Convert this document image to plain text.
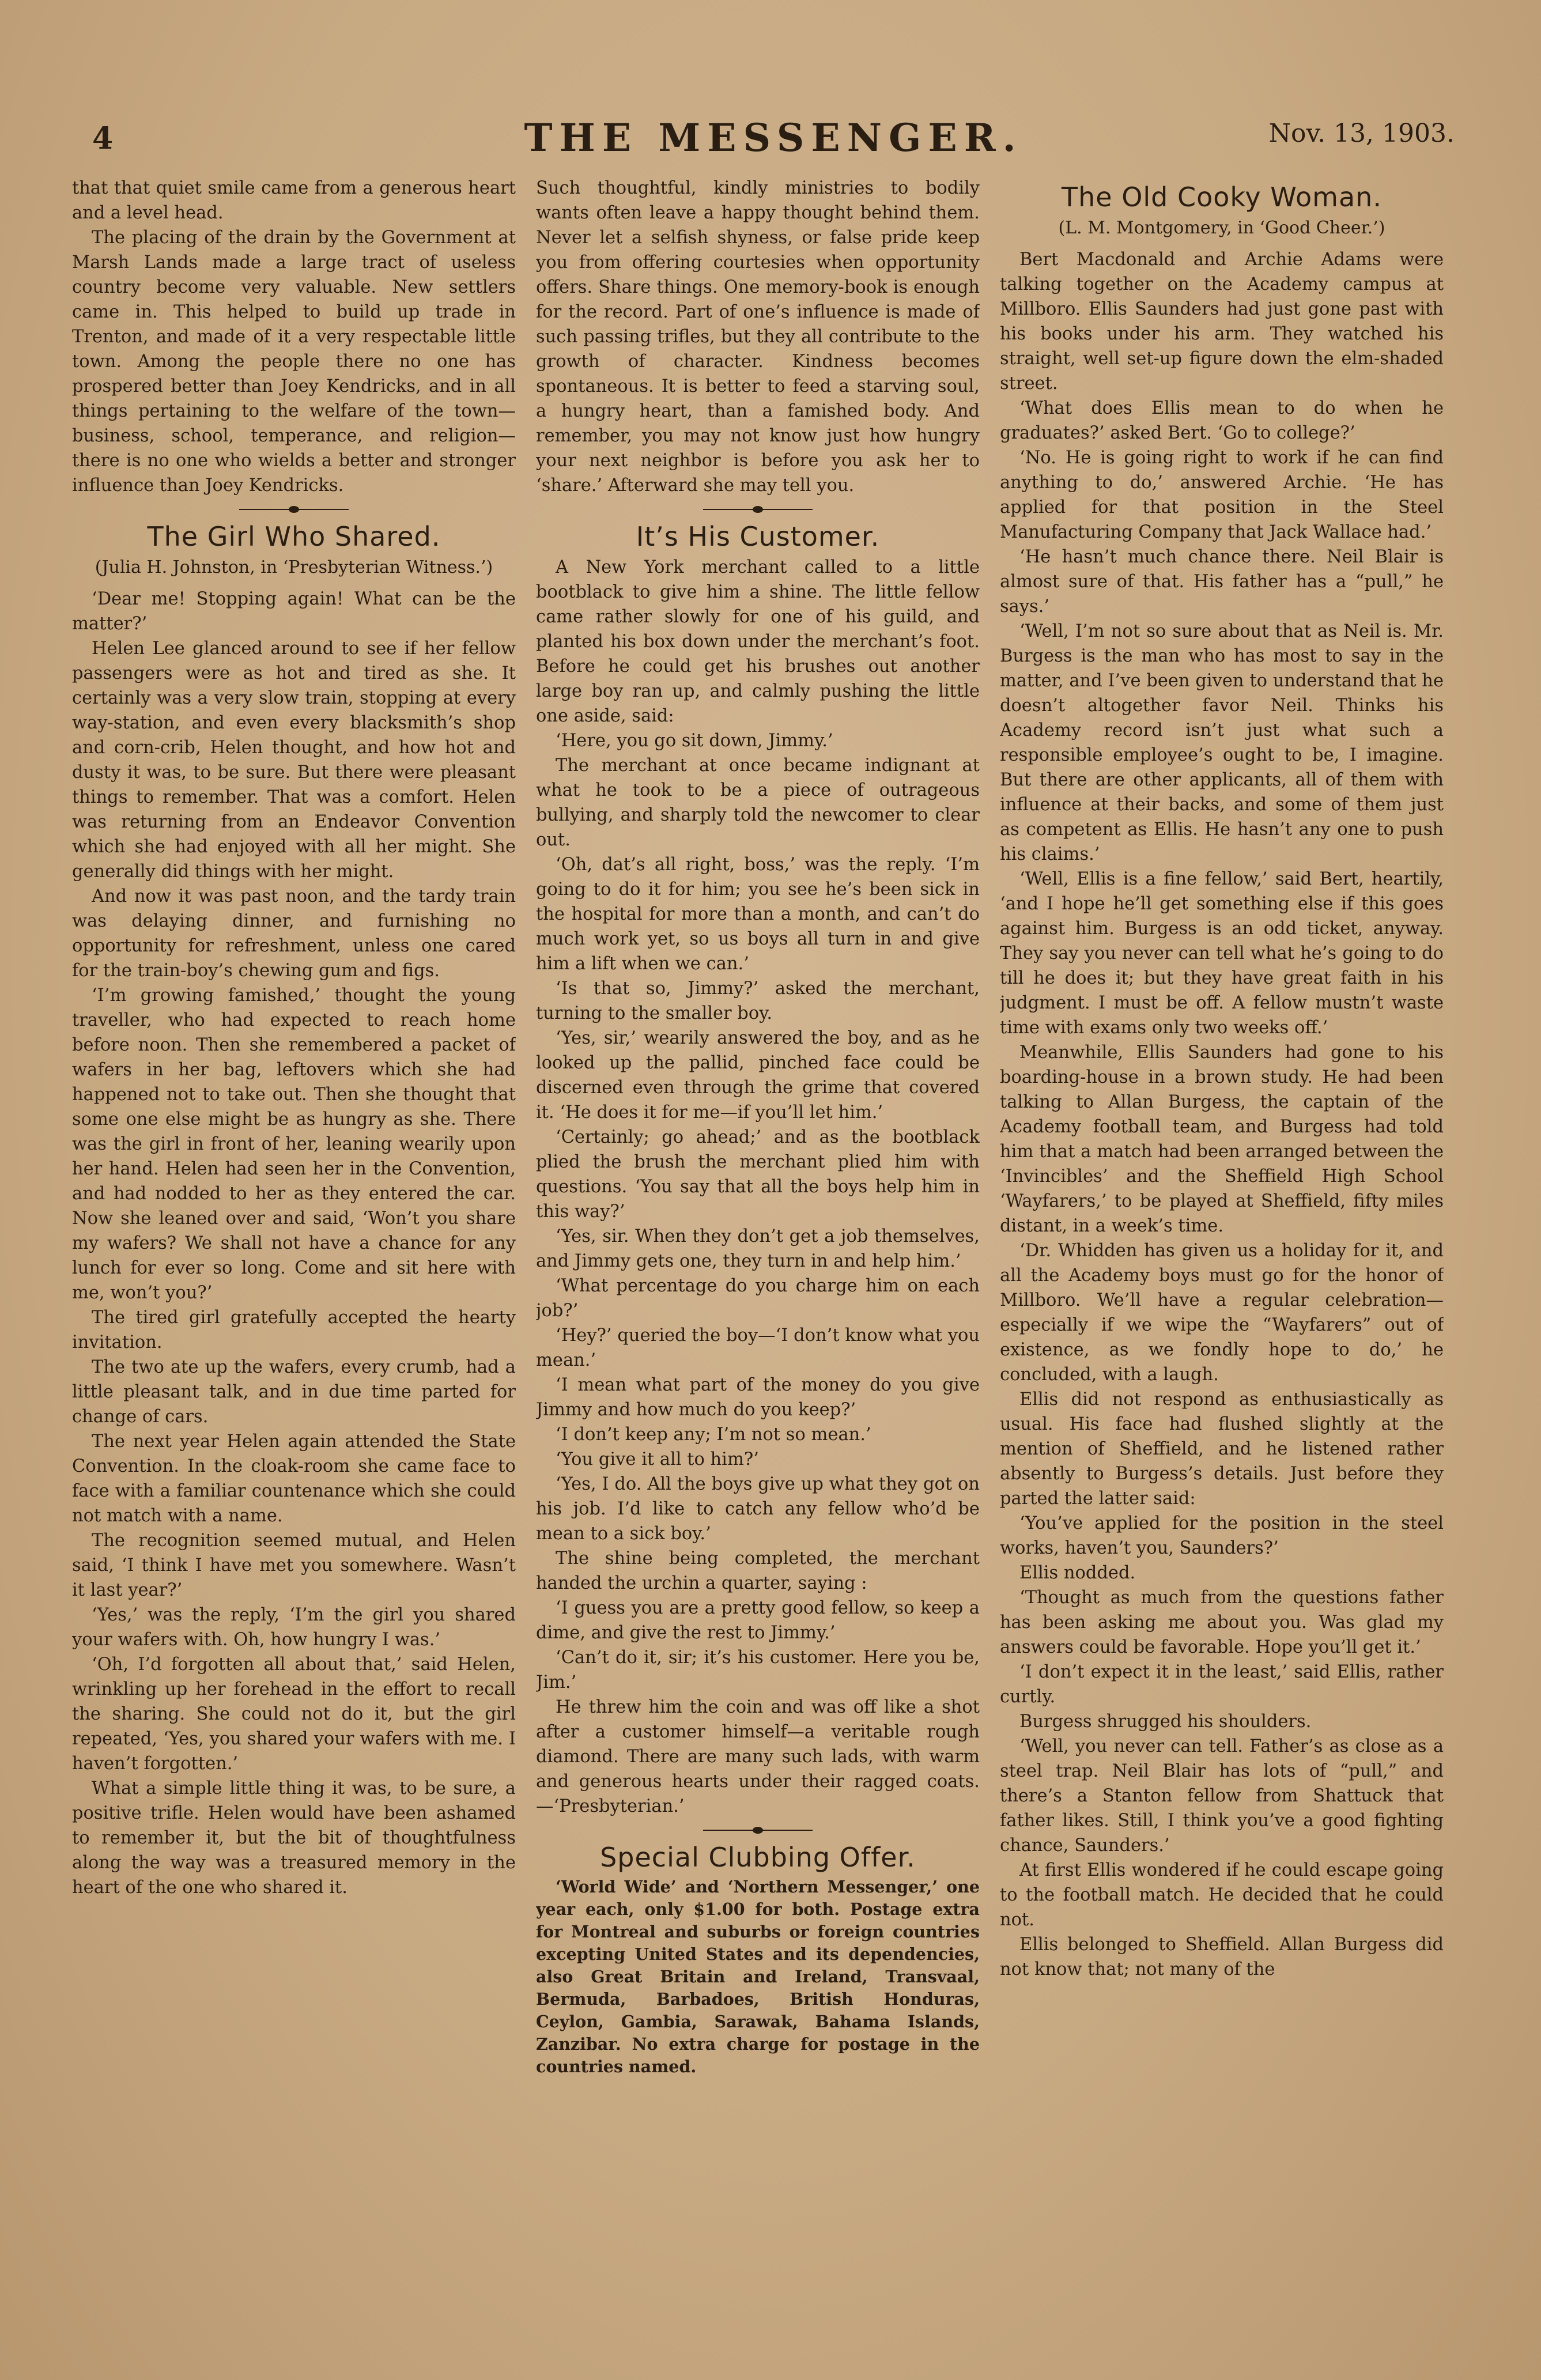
4	THE MESSENGER.	Nov. 13, 1903.

that that quiet smile came from a generous heart and a level head.

The placing of the drain by the Government at Marsh Lands made a large tract of useless country become very valuable. New settlers came in. This helped to build up trade in Trenton, and made of it a very respectable little town. Among the people there no one has prospered better than Joey Kendricks, and in all things pertaining to the welfare of the town—business, school, temperance, and religion—there is no one who wields a better and stronger influence than Joey Kendricks.

The Girl Who Shared.

(Julia H. Johnston, in ‘Presbyterian Witness.’)

‘Dear me! Stopping again! What can be the matter?’

Helen Lee glanced around to see if her fellow passengers were as hot and tired as she. It certainly was a very slow train, stopping at every way-station, and even every blacksmith’s shop and corn-crib, Helen thought, and how hot and dusty it was, to be sure. But there were pleasant things to remember. That was a comfort. Helen was returning from an Endeavor Convention which she had enjoyed with all her might. She generally did things with her might.

And now it was past noon, and the tardy train was delaying dinner, and furnishing no opportunity for refreshment, unless one cared for the train-boy’s chewing gum and figs.

‘I’m growing famished,’ thought the young traveller, who had expected to reach home before noon. Then she remembered a packet of wafers in her bag, leftovers which she had happened not to take out. Then she thought that some one else might be as hungry as she. There was the girl in front of her, leaning wearily upon her hand. Helen had seen her in the Convention, and had nodded to her as they entered the car. Now she leaned over and said, ‘Won’t you share my wafers? We shall not have a chance for any lunch for ever so long. Come and sit here with me, won’t you?’

The tired girl gratefully accepted the hearty invitation.

The two ate up the wafers, every crumb, had a little pleasant talk, and in due time parted for change of cars.

The next year Helen again attended the State Convention. In the cloak-room she came face to face with a familiar countenance which she could not match with a name.

The recognition seemed mutual, and Helen said, ‘I think I have met you somewhere. Wasn’t it last year?’

‘Yes,’ was the reply, ‘I’m the girl you shared your wafers with. Oh, how hungry I was.’

‘Oh, I’d forgotten all about that,’ said Helen, wrinkling up her forehead in the effort to recall the sharing. She could not do it, but the girl repeated, ‘Yes, you shared your wafers with me. I haven’t forgotten.’

What a simple little thing it was, to be sure, a positive trifle. Helen would have been ashamed to remember it, but the bit of thoughtfulness along the way was a treasured memory in the heart of the one who shared it.

Such thoughtful, kindly ministries to bodily wants often leave a happy thought behind them. Never let a selfish shyness, or false pride keep you from offering courtesies when opportunity offers. Share things. One memory-book is enough for the record. Part of one’s influence is made of such passing trifles, but they all contribute to the growth of character. Kindness becomes spontaneous. It is better to feed a starving soul, a hungry heart, than a famished body. And remember, you may not know just how hungry your next neighbor is before you ask her to ‘share.’ Afterward she may tell you.

It’s His Customer.

A New York merchant called to a little bootblack to give him a shine. The little fellow came rather slowly for one of his guild, and planted his box down under the merchant’s foot. Before he could get his brushes out another large boy ran up, and calmly pushing the little one aside, said:

‘Here, you go sit down, Jimmy.’

The merchant at once became indignant at what he took to be a piece of outrageous bullying, and sharply told the newcomer to clear out.

‘Oh, dat’s all right, boss,’ was the reply. ‘I’m going to do it for him; you see he’s been sick in the hospital for more than a month, and can’t do much work yet, so us boys all turn in and give him a lift when we can.’

‘Is that so, Jimmy?’ asked the merchant, turning to the smaller boy.

‘Yes, sir,’ wearily answered the boy, and as he looked up the pallid, pinched face could be discerned even through the grime that covered it. ‘He does it for me—if you’ll let him.’

‘Certainly; go ahead;’ and as the bootblack plied the brush the merchant plied him with questions. ‘You say that all the boys help him in this way?’

‘Yes, sir. When they don’t get a job themselves, and Jimmy gets one, they turn in and help him.’

‘What percentage do you charge him on each job?’

‘Hey?’ queried the boy—‘I don’t know what you mean.’

‘I mean what part of the money do you give Jimmy and how much do you keep?’

‘I don’t keep any; I’m not so mean.’

‘You give it all to him?’

‘Yes, I do. All the boys give up what they got on his job. I’d like to catch any fellow who’d be mean to a sick boy.’

The shine being completed, the merchant handed the urchin a quarter, saying :

‘I guess you are a pretty good fellow, so keep a dime, and give the rest to Jimmy.’

‘Can’t do it, sir; it’s his customer. Here you be, Jim.’

He threw him the coin and was off like a shot after a customer himself—a veritable rough diamond. There are many such lads, with warm and generous hearts under their ragged coats.—‘Presbyterian.’

Special Clubbing Offer.

‘World Wide’ and ‘Northern Messenger,’ one year each, only $1.00 for both. Postage extra for Montreal and suburbs or foreign countries excepting United States and its dependencies, also Great Britain and Ireland, Transvaal, Bermuda, Barbadoes, British Honduras, Ceylon, Gambia, Sarawak, Bahama Islands, Zanzibar. No extra charge for postage in the countries named.

The Old Cooky Woman.

(L. M. Montgomery, in ‘Good Cheer.’)

Bert Macdonald and Archie Adams were talking together on the Academy campus at Millboro. Ellis Saunders had just gone past with his books under his arm. They watched his straight, well set-up figure down the elm-shaded street.

‘What does Ellis mean to do when he graduates?’ asked Bert. ‘Go to college?’

‘No. He is going right to work if he can find anything to do,’ answered Archie. ‘He has applied for that position in the Steel Manufacturing Company that Jack Wallace had.’

‘He hasn’t much chance there. Neil Blair is almost sure of that. His father has a “pull,” he says.’

‘Well, I’m not so sure about that as Neil is. Mr. Burgess is the man who has most to say in the matter, and I’ve been given to understand that he doesn’t altogether favor Neil. Thinks his Academy record isn’t just what such a responsible employee’s ought to be, I imagine. But there are other applicants, all of them with influence at their backs, and some of them just as competent as Ellis. He hasn’t any one to push his claims.’

‘Well, Ellis is a fine fellow,’ said Bert, heartily, ‘and I hope he’ll get something else if this goes against him. Burgess is an odd ticket, anyway. They say you never can tell what he’s going to do till he does it; but they have great faith in his judgment. I must be off. A fellow mustn’t waste time with exams only two weeks off.’

Meanwhile, Ellis Saunders had gone to his boarding-house in a brown study. He had been talking to Allan Burgess, the captain of the Academy football team, and Burgess had told him that a match had been arranged between the ‘Invincibles’ and the Sheffield High School ‘Wayfarers,’ to be played at Sheffield, fifty miles distant, in a week’s time.

‘Dr. Whidden has given us a holiday for it, and all the Academy boys must go for the honor of Millboro. We’ll have a regular celebration—especially if we wipe the “Wayfarers” out of existence, as we fondly hope to do,’ he concluded, with a laugh.

Ellis did not respond as enthusiastically as usual. His face had flushed slightly at the mention of Sheffield, and he listened rather absently to Burgess’s details. Just before they parted the latter said:

‘You’ve applied for the position in the steel works, haven’t you, Saunders?’

Ellis nodded.

‘Thought as much from the questions father has been asking me about you. Was glad my answers could be favorable. Hope you’ll get it.’

‘I don’t expect it in the least,’ said Ellis, rather curtly.

Burgess shrugged his shoulders.

‘Well, you never can tell. Father’s as close as a steel trap. Neil Blair has lots of “pull,” and there’s a Stanton fellow from Shattuck that father likes. Still, I think you’ve a good fighting chance, Saunders.’

At first Ellis wondered if he could escape going to the football match. He decided that he could not.

Ellis belonged to Sheffield. Allan Burgess did not know that; not many of the
